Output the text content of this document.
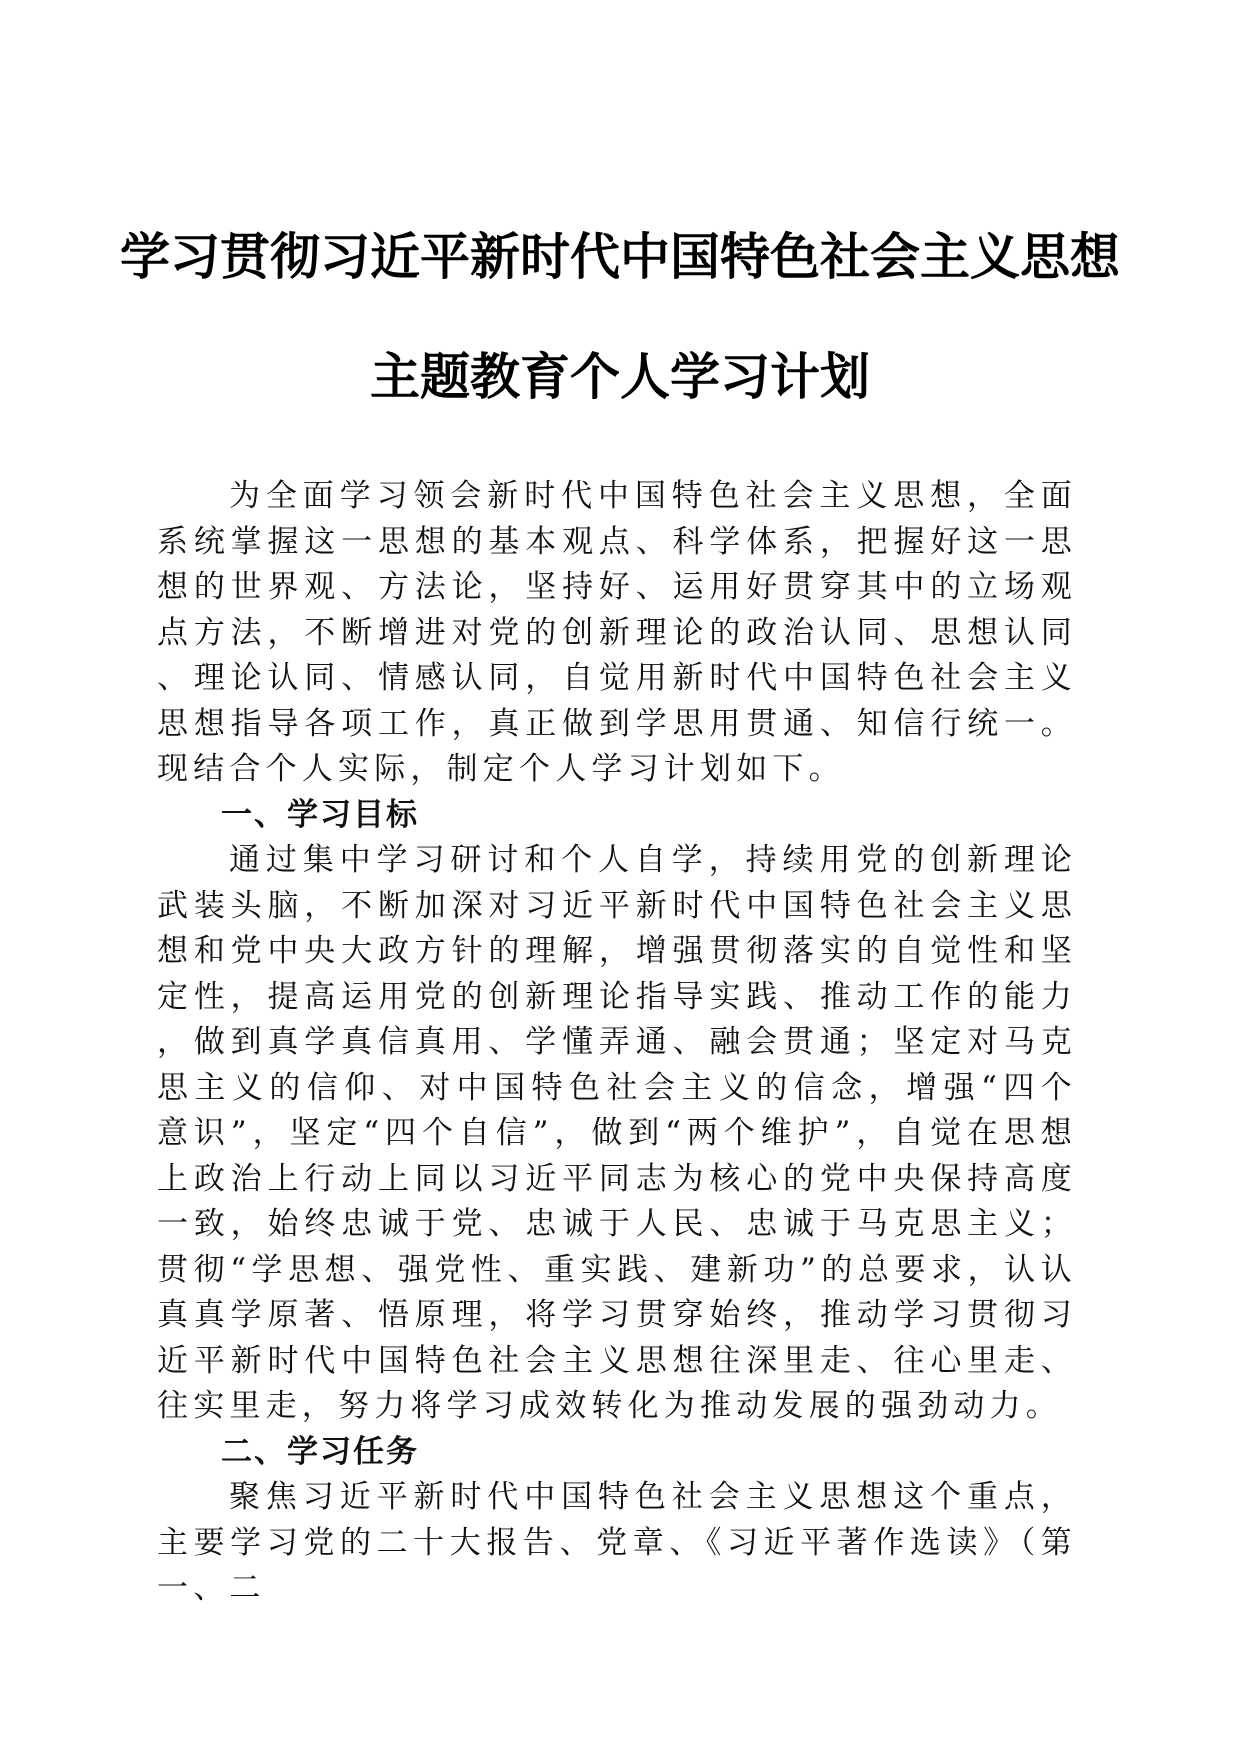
学习贯彻习近平新时代中国特色社会主义思想
主题教育个人学习计划

为全面学习领会新时代中国特色社会主义思想，全面系统掌握这一思想的基本观点、科学体系，把握好这一思想的世界观、方法论，坚持好、运用好贯穿其中的立场观点方法，不断增进对党的创新理论的政治认同、思想认同、理论认同、情感认同，自觉用新时代中国特色社会主义思想指导各项工作，真正做到学思用贯通、知信行统一。现结合个人实际，制定个人学习计划如下。

一、学习目标

通过集中学习研讨和个人自学，持续用党的创新理论武装头脑，不断加深对习近平新时代中国特色社会主义思想和党中央大政方针的理解，增强贯彻落实的自觉性和坚定性，提高运用党的创新理论指导实践、推动工作的能力，做到真学真信真用、学懂弄通、融会贯通；坚定对马克思主义的信仰、对中国特色社会主义的信念，增强“四个意识”，坚定“四个自信”，做到“两个维护”，自觉在思想上政治上行动上同以习近平同志为核心的党中央保持高度一致，始终忠诚于党、忠诚于人民、忠诚于马克思主义；贯彻“学思想、强党性、重实践、建新功”的总要求，认认真真学原著、悟原理，将学习贯穿始终，推动学习贯彻习近平新时代中国特色社会主义思想往深里走、往心里走、往实里走，努力将学习成效转化为推动发展的强劲动力。

二、学习任务

聚焦习近平新时代中国特色社会主义思想这个重点，主要学习党的二十大报告、党章、《习近平著作选读》（第一、二
